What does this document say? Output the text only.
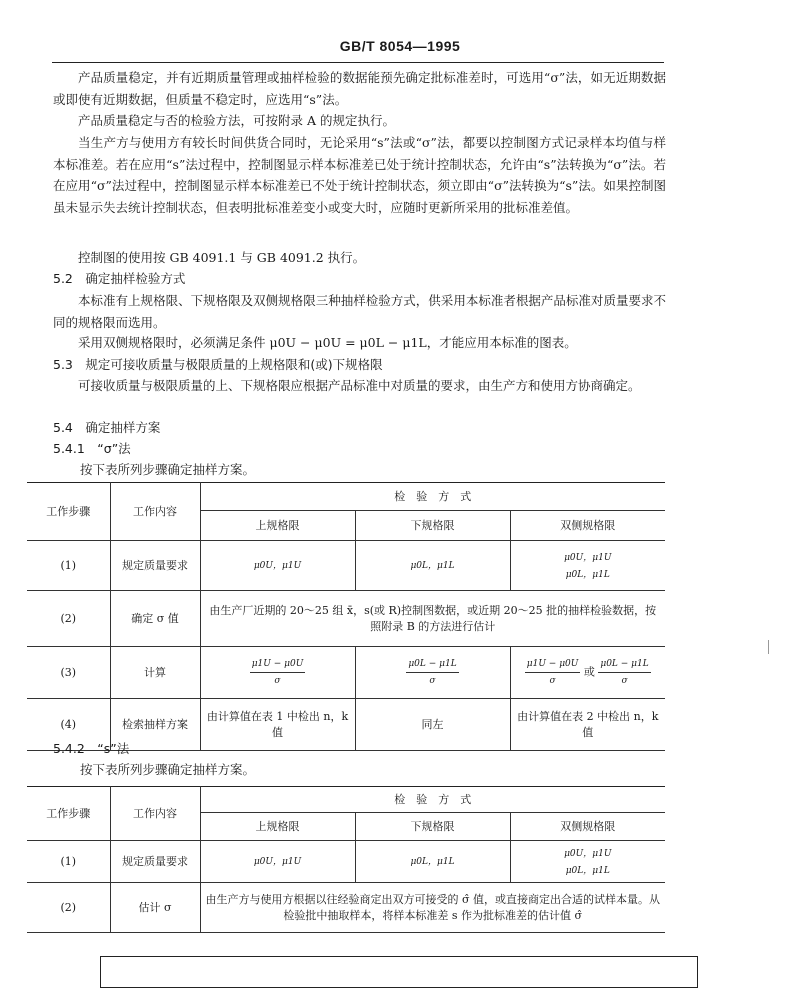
GB/T 8054—1995

产品质量稳定，并有近期质量管理或抽样检验的数据能预先确定批标准差时，可选用“σ”法，如无近期数据或即使有近期数据，但质量不稳定时，应选用“s”法。

产品质量稳定与否的检验方法，可按附录 A 的规定执行。

当生产方与使用方有较长时间供货合同时，无论采用“s”法或“σ”法，都要以控制图方式记录样本均值与样本标准差。若在应用“s”法过程中，控制图显示样本标准差已处于统计控制状态，允许由“s”法转换为“σ”法。若在应用“σ”法过程中，控制图显示样本标准差已不处于统计控制状态，须立即由“σ”法转换为“s”法。如果控制图虽未显示失去统计控制状态，但表明批标准差变小或变大时，应随时更新所采用的批标准差值。

控制图的使用按 GB 4091.1 与 GB 4091.2 执行。

5.2　确定抽样检验方式

本标准有上规格限、下规格限及双侧规格限三种抽样检验方式，供采用本标准者根据产品标准对质量要求不同的规格限而选用。

采用双侧规格限时，必须满足条件 μ0U − μ0U = μ0L − μ1L，才能应用本标准的图表。

5.3　规定可接收质量与极限质量的上规格限和(或)下规格限

可接收质量与极限质量的上、下规格限应根据产品标准中对质量的要求，由生产方和使用方协商确定。

5.4　确定抽样方案

5.4.1　“σ”法

按下表所列步骤确定抽样方案。

工作步骤	工作内容	检　验　方　式		
		上规格限	下规格限	双侧规格限
(1)	规定质量要求	μ0U，μ1U	μ0L，μ1L	μ0U，μ1U
μ0L，μ1L
(2)	确定 σ 值	由生产厂近期的 20～25 组 x̄，s(或 R)控制图数据，或近期 20～25 批的抽样检验数据，按照附录 B 的方法进行估计		
(3)	计算	$\frac{\mu 1U - \mu 0U}{\sigma}$	$\frac{\mu 0L - \mu 1L}{\sigma}$	$\frac{\mu 1U - \mu 0U}{\sigma}$ 或 $\frac{\mu 0L - \mu 1L}{\sigma}$

(4)	检索抽样方案	由计算值在表 1 中检出 n，k 值	同左	由计算值在表 2 中检出 n，k 值

5.4.2　“s”法

按下表所列步骤确定抽样方案。

工作步骤	工作内容	检　验　方　式		
		上规格限	下规格限	双侧规格限
(1)	规定质量要求	μ0U，μ1U	μ0L，μ1L	μ0U，μ1U
μ0L，μ1L
(2)	估计 σ	由生产方与使用方根据以往经验商定出双方可接受的 σ̂ 值，或直接商定出合适的试样本量。从检验批中抽取样本，将样本标准差 s 作为批标准差的估计值 σ̂		
